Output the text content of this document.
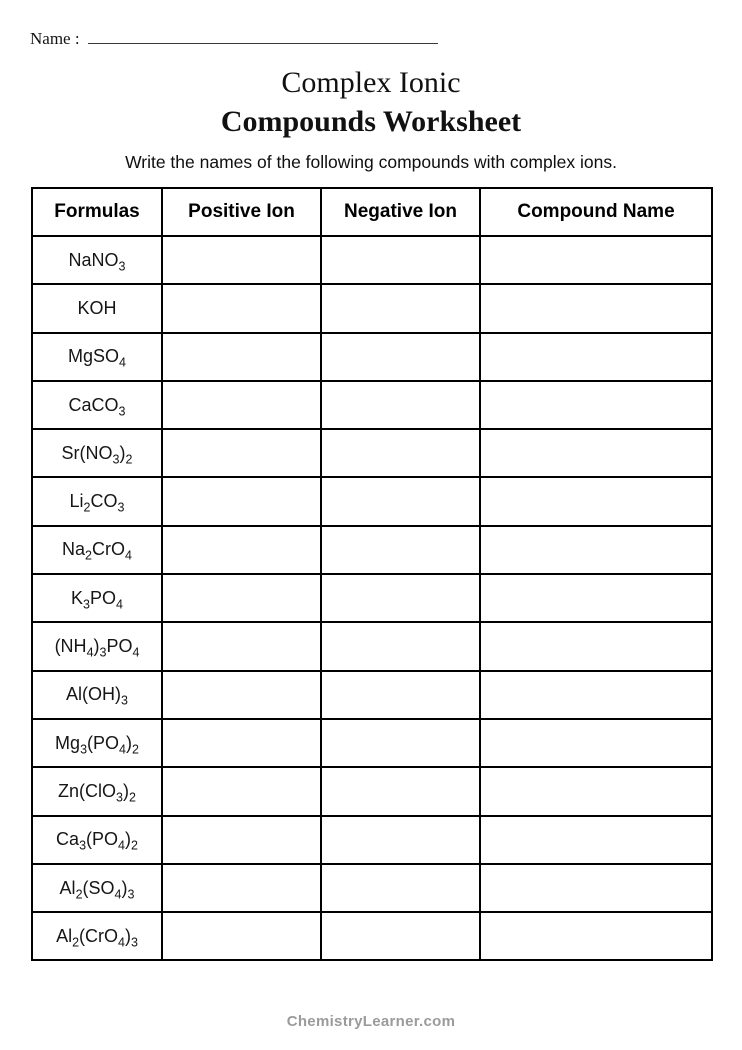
Name :
Complex Ionic
Compounds Worksheet
Write the names of the following compounds with complex ions.
Formulas	Positive Ion	Negative Ion	Compound Name
NaNO$_3$			
KOH			
MgSO$_4$			
CaCO$_3$			
$Sr(NO_3)_2$			
$Li_2CO_3$			
$Na_2CrO_4$			
$K_3PO_4$			
$(NH_4)_3PO_4$			
$Al(OH)_3$			
$Mg_3(PO_4)_2$			
$Zn(ClO_3)_2$			
$Ca_3(PO_4)_2$			
$Al_2(SO_4)_3$			
$Al_2(CrO_4)_3$			
ChemistryLearner.com
